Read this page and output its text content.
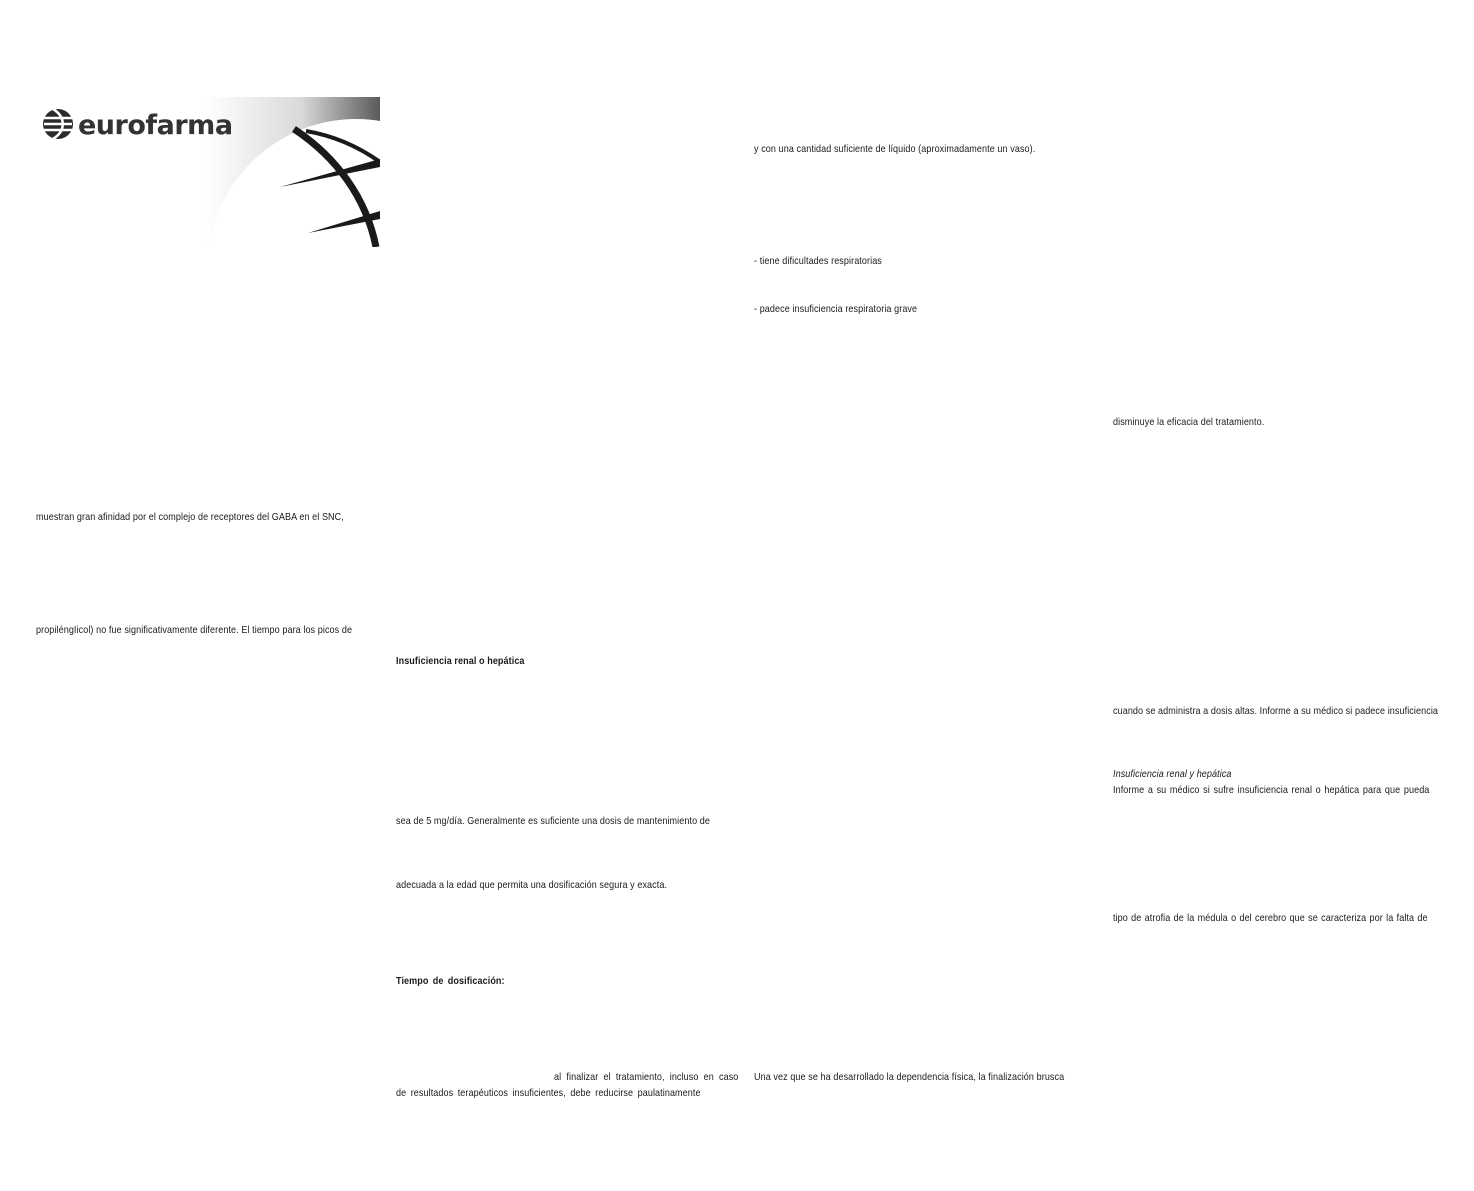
eurofarma
muestran gran afinidad por el complejo de receptores del GABA en el SNC,
propiléngIicol) no fue significativamente diferente. El tiempo para los picos de
Insuficiencia renal o hepática
sea de 5 mg/día. Generalmente es suficiente una dosis de mantenimiento de
adecuada a la edad que permita una dosificación segura y exacta.
Tiempo de dosificación:
al finalizar el tratamiento, incluso en caso
de resultados terapéuticos insuficientes, debe reducirse paulatinamente
y con una cantidad suficiente de líquido (aproximadamente un vaso).
- tiene dificultades respiratorias
- padece insuficiencia respiratoria grave
Una vez que se ha desarrollado la dependencia física, la finalización brusca
disminuye la eficacia del tratamiento.
cuando se administra a dosis altas. Informe a su médico si padece insuficiencia
Insuficiencia renal y hepática
Informe a su médico si sufre insuficiencia renal o hepática para que pueda
tipo de atrofia de la médula o del cerebro que se caracteriza por la falta de
